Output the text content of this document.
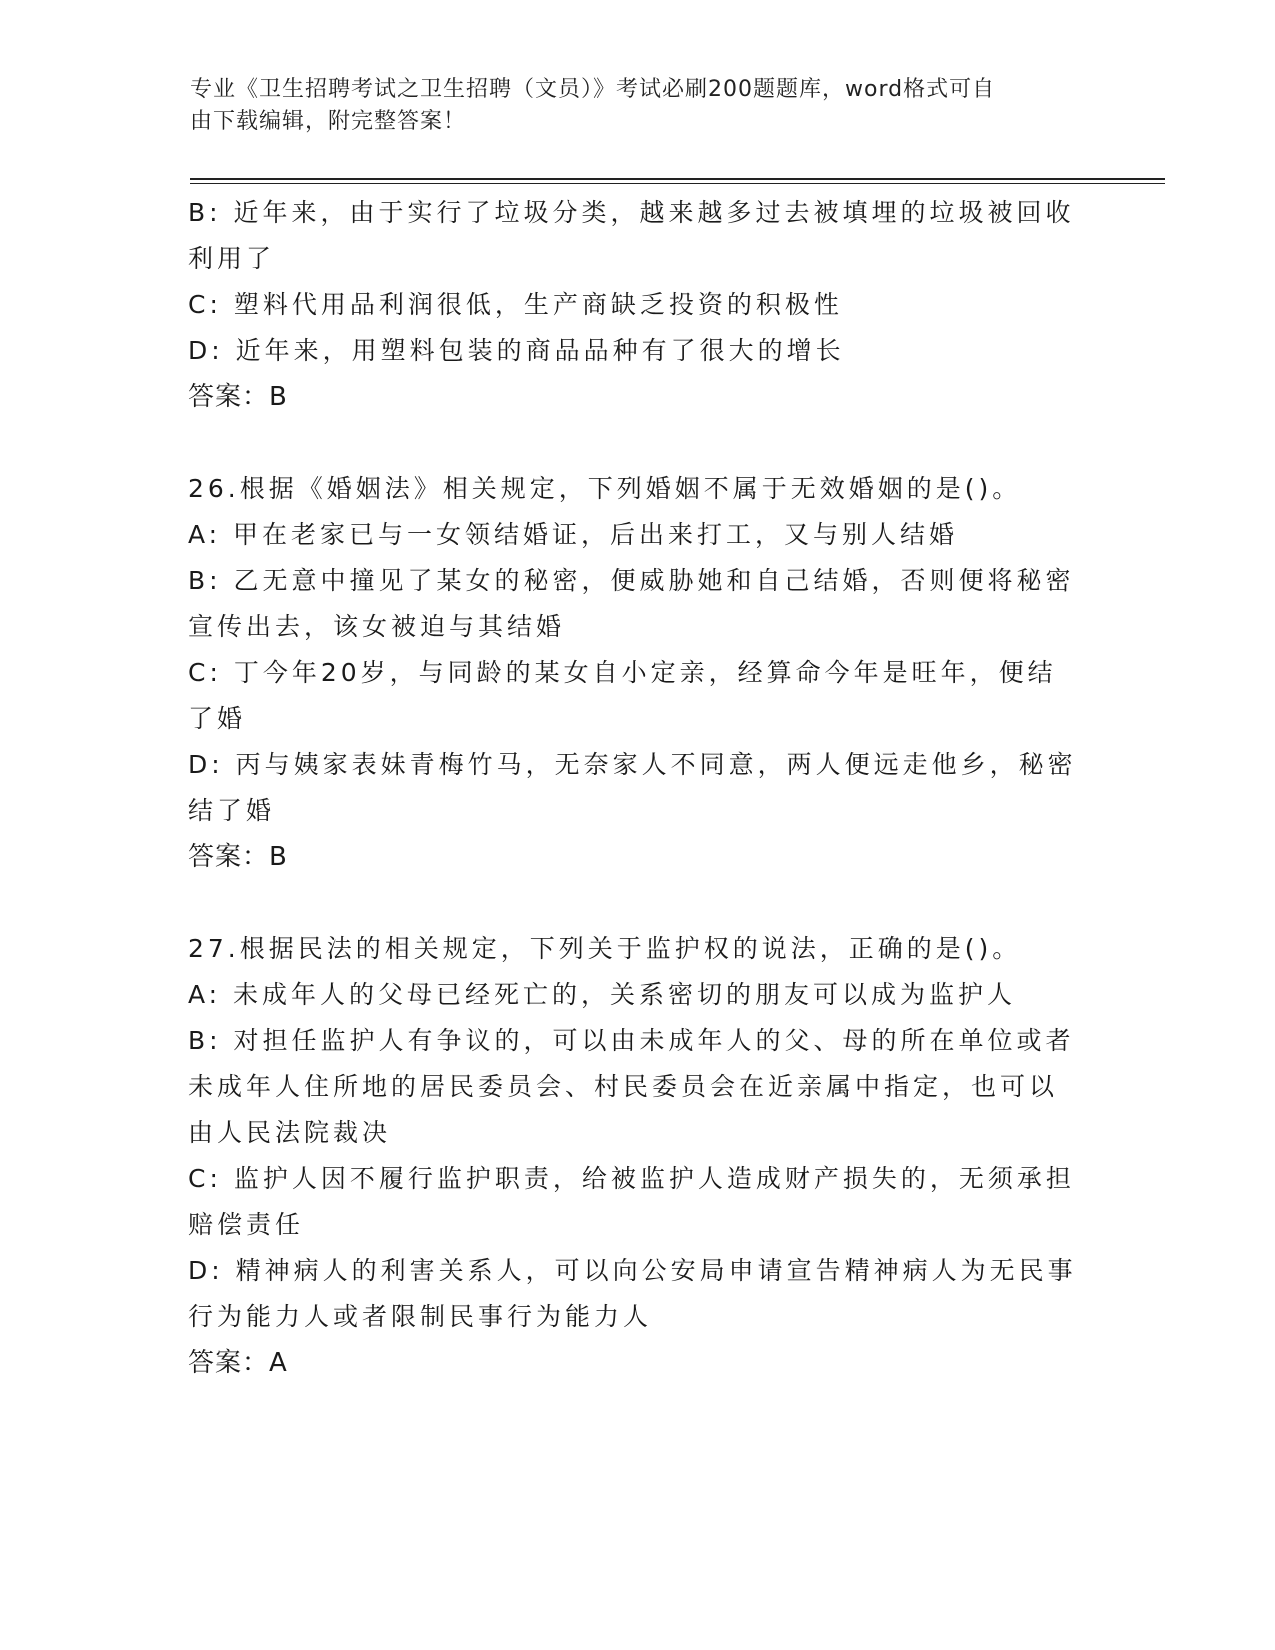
专业《卫生招聘考试之卫生招聘（文员）》考试必刷200题题库，word格式可自
由下载编辑，附完整答案！

B: 近年来，由于实行了垃圾分类，越来越多过去被填埋的垃圾被回收

利用了

C: 塑料代用品利润很低，生产商缺乏投资的积极性

D: 近年来，用塑料包装的商品品种有了很大的增长

答案：B

26.根据《婚姻法》相关规定，下列婚姻不属于无效婚姻的是()。

A: 甲在老家已与一女领结婚证，后出来打工，又与别人结婚

B: 乙无意中撞见了某女的秘密，便威胁她和自己结婚，否则便将秘密

宣传出去，该女被迫与其结婚

C: 丁今年20岁，与同龄的某女自小定亲，经算命今年是旺年，便结

了婚

D: 丙与姨家表妹青梅竹马，无奈家人不同意，两人便远走他乡，秘密

结了婚

答案：B

27.根据民法的相关规定，下列关于监护权的说法，正确的是()。

A: 未成年人的父母已经死亡的，关系密切的朋友可以成为监护人

B: 对担任监护人有争议的，可以由未成年人的父、母的所在单位或者

未成年人住所地的居民委员会、村民委员会在近亲属中指定，也可以

由人民法院裁决

C: 监护人因不履行监护职责，给被监护人造成财产损失的，无须承担

赔偿责任

D: 精神病人的利害关系人，可以向公安局申请宣告精神病人为无民事

行为能力人或者限制民事行为能力人

答案：A
